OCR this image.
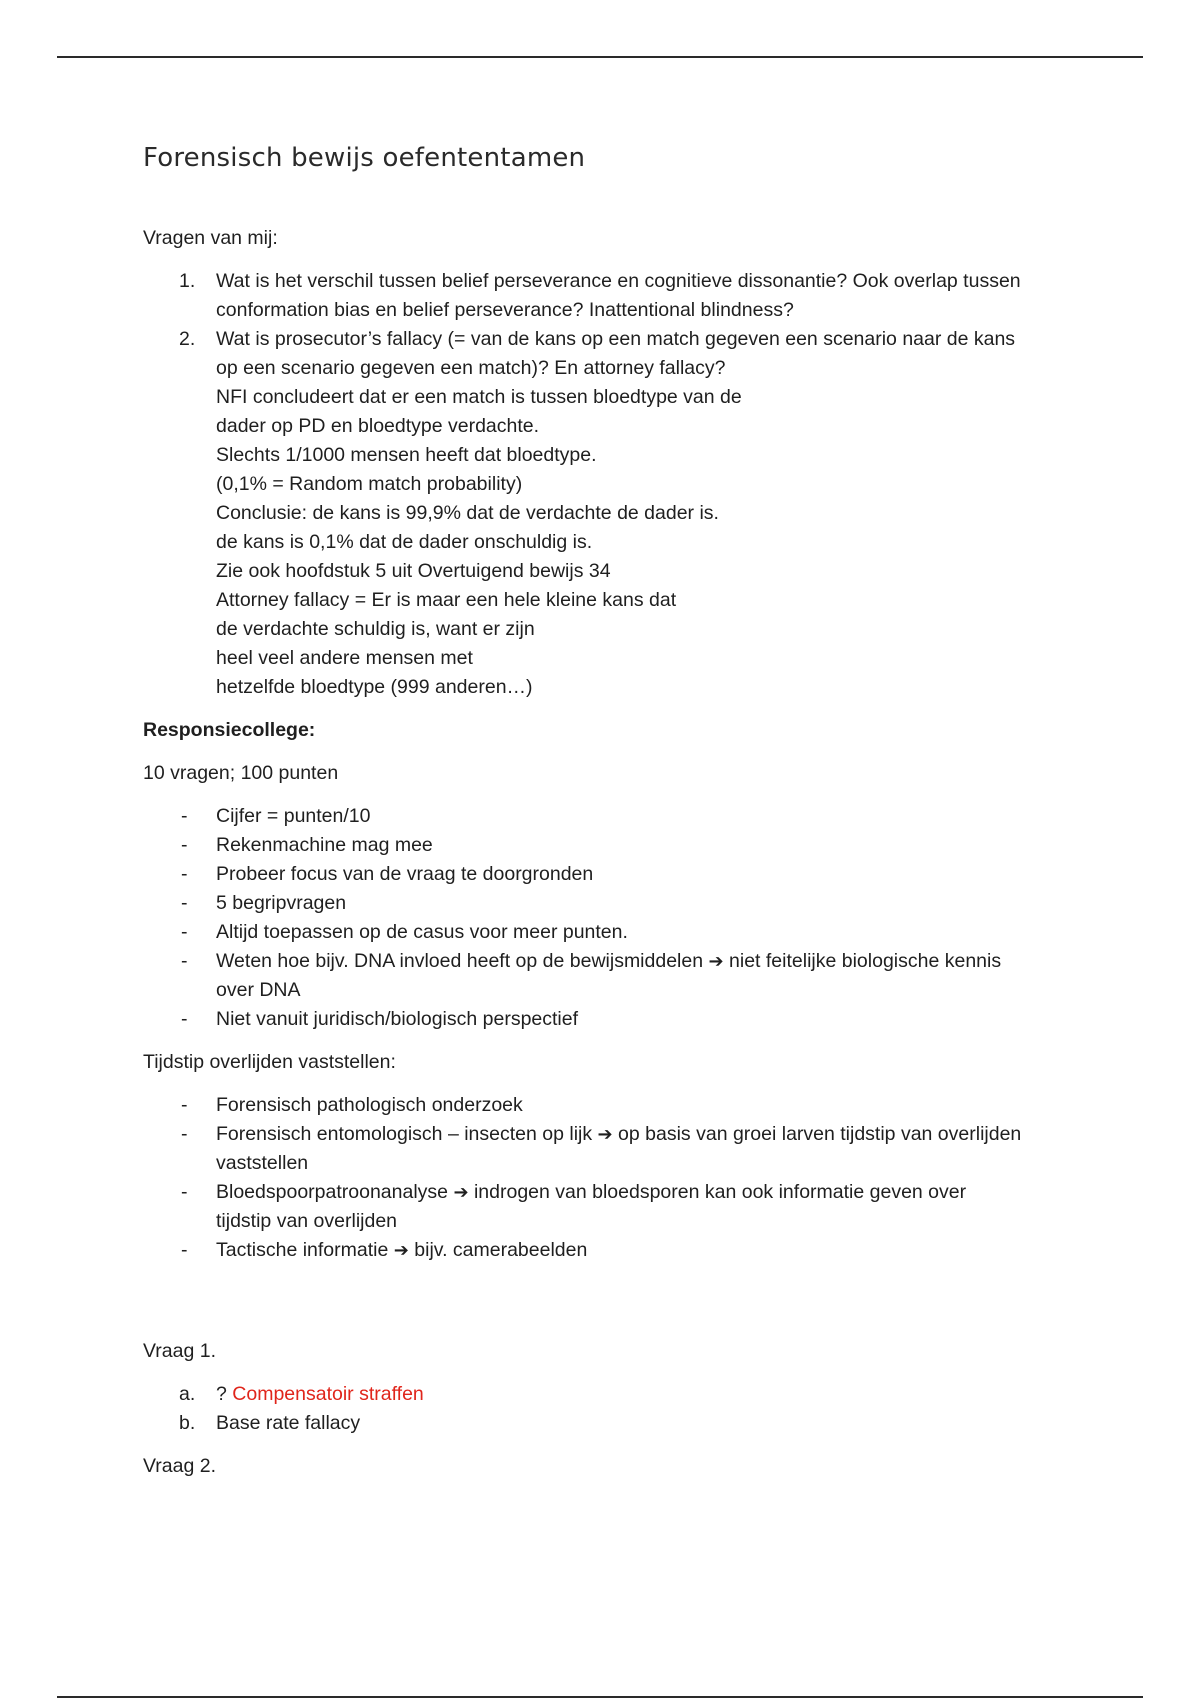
Forensisch bewijs oefententamen

Vragen van mij:

1.	Wat is het verschil tussen belief perseverance en cognitieve dissonantie? Ook overlap tussen
conformation bias en belief perseverance? Inattentional blindness?
2.	Wat is prosecutor’s fallacy (= van de kans op een match gegeven een scenario naar de kans
op een scenario gegeven een match)? En attorney fallacy?
NFI concludeert dat er een match is tussen bloedtype van de
dader op PD en bloedtype verdachte.
Slechts 1/1000 mensen heeft dat bloedtype.
(0,1% = Random match probability)
Conclusie: de kans is 99,9% dat de verdachte de dader is.
de kans is 0,1% dat de dader onschuldig is.
Zie ook hoofdstuk 5 uit Overtuigend bewijs 34
Attorney fallacy = Er is maar een hele kleine kans dat
de verdachte schuldig is, want er zijn
heel veel andere mensen met
hetzelfde bloedtype (999 anderen…)

Responsiecollege:

10 vragen; 100 punten

-	Cijfer = punten/10
-	Rekenmachine mag mee
-	Probeer focus van de vraag te doorgronden
-	5 begripvragen
-	Altijd toepassen op de casus voor meer punten.
-	Weten hoe bijv. DNA invloed heeft op de bewijsmiddelen ➔ niet feitelijke biologische kennis
over DNA
-	Niet vanuit juridisch/biologisch perspectief

Tijdstip overlijden vaststellen:

-	Forensisch pathologisch onderzoek
-	Forensisch entomologisch – insecten op lijk ➔ op basis van groei larven tijdstip van overlijden
vaststellen
-	Bloedspoorpatroonanalyse ➔ indrogen van bloedsporen kan ook informatie geven over
tijdstip van overlijden
-	Tactische informatie ➔ bijv. camerabeelden

Vraag 1.

a.	? Compensatoir straffen
b.	Base rate fallacy

Vraag 2.
